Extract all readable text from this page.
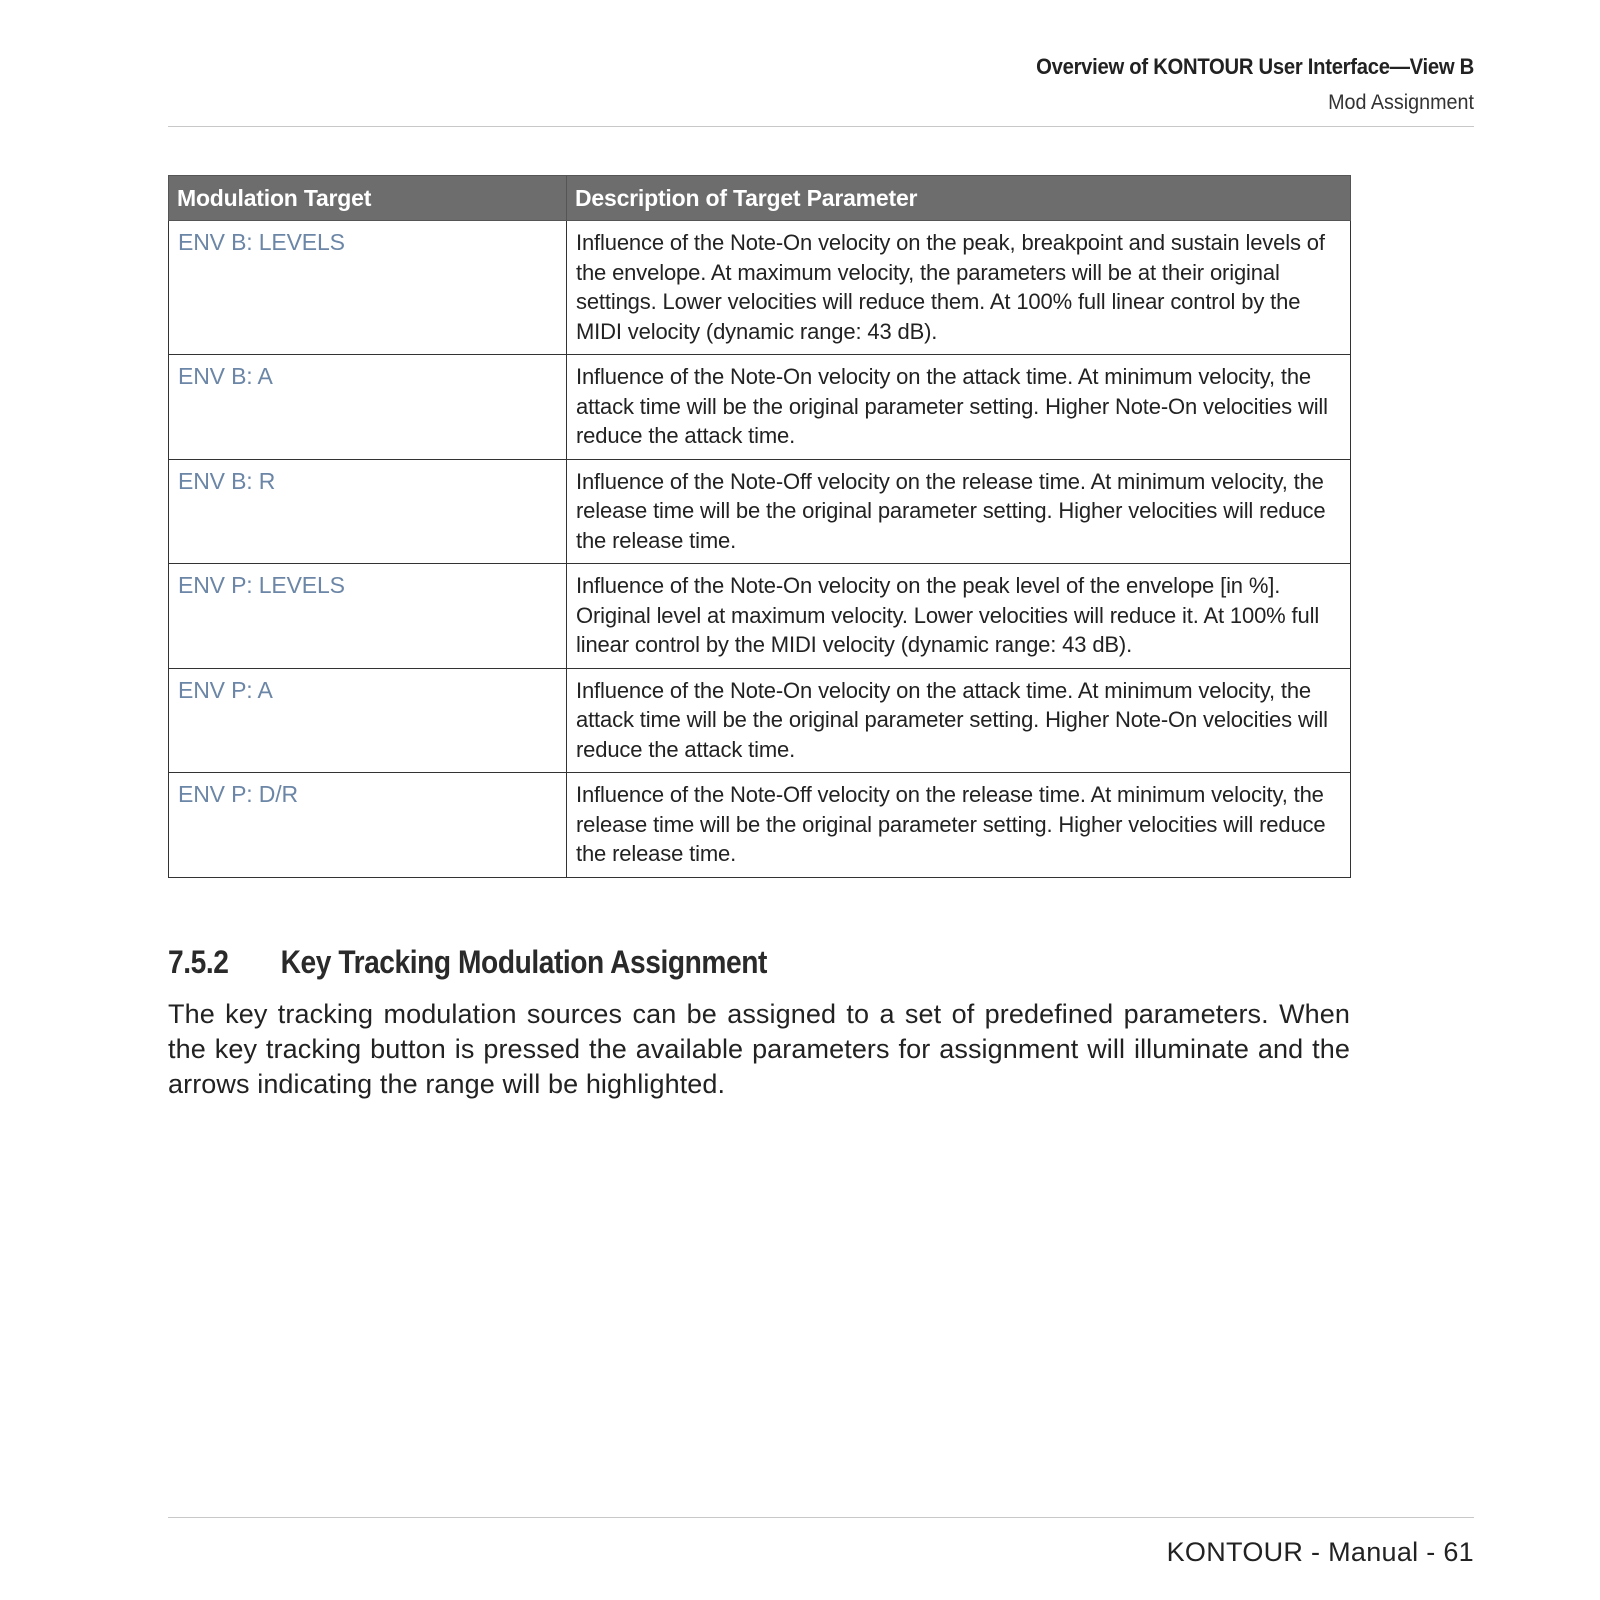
Overview of KONTOUR User Interface—View B
Mod Assignment
Modulation Target	Description of Target Parameter
ENV B: LEVELS	Influence of the Note-On velocity on the peak, breakpoint and sustain levels of the envelope. At maximum velocity, the parameters will be at their original settings. Lower velocities will reduce them. At 100% full linear control by the MIDI velocity (dynamic range: 43 dB).
ENV B: A	Influence of the Note-On velocity on the attack time. At minimum velocity, the attack time will be the original parameter setting. Higher Note-On velocities will reduce the attack time.
ENV B: R	Influence of the Note-Off velocity on the release time. At minimum velocity, the release time will be the original parameter setting. Higher velocities will reduce the release time.
ENV P: LEVELS	Influence of the Note-On velocity on the peak level of the envelope [in %]. Original level at maximum velocity. Lower velocities will reduce it. At 100% full linear control by the MIDI velocity (dynamic range: 43 dB).
ENV P: A	Influence of the Note-On velocity on the attack time. At minimum velocity, the attack time will be the original parameter setting. Higher Note-On velocities will reduce the attack time.
ENV P: D/R	Influence of the Note-Off velocity on the release time. At minimum velocity, the release time will be the original parameter setting. Higher velocities will reduce the release time.
7.5.2 Key Tracking Modulation Assignment
The key tracking modulation sources can be assigned to a set of predefined parameters. When the key tracking button is pressed the available parameters for assignment will illuminate and the arrows indicating the range will be highlighted.
KONTOUR - Manual - 61
